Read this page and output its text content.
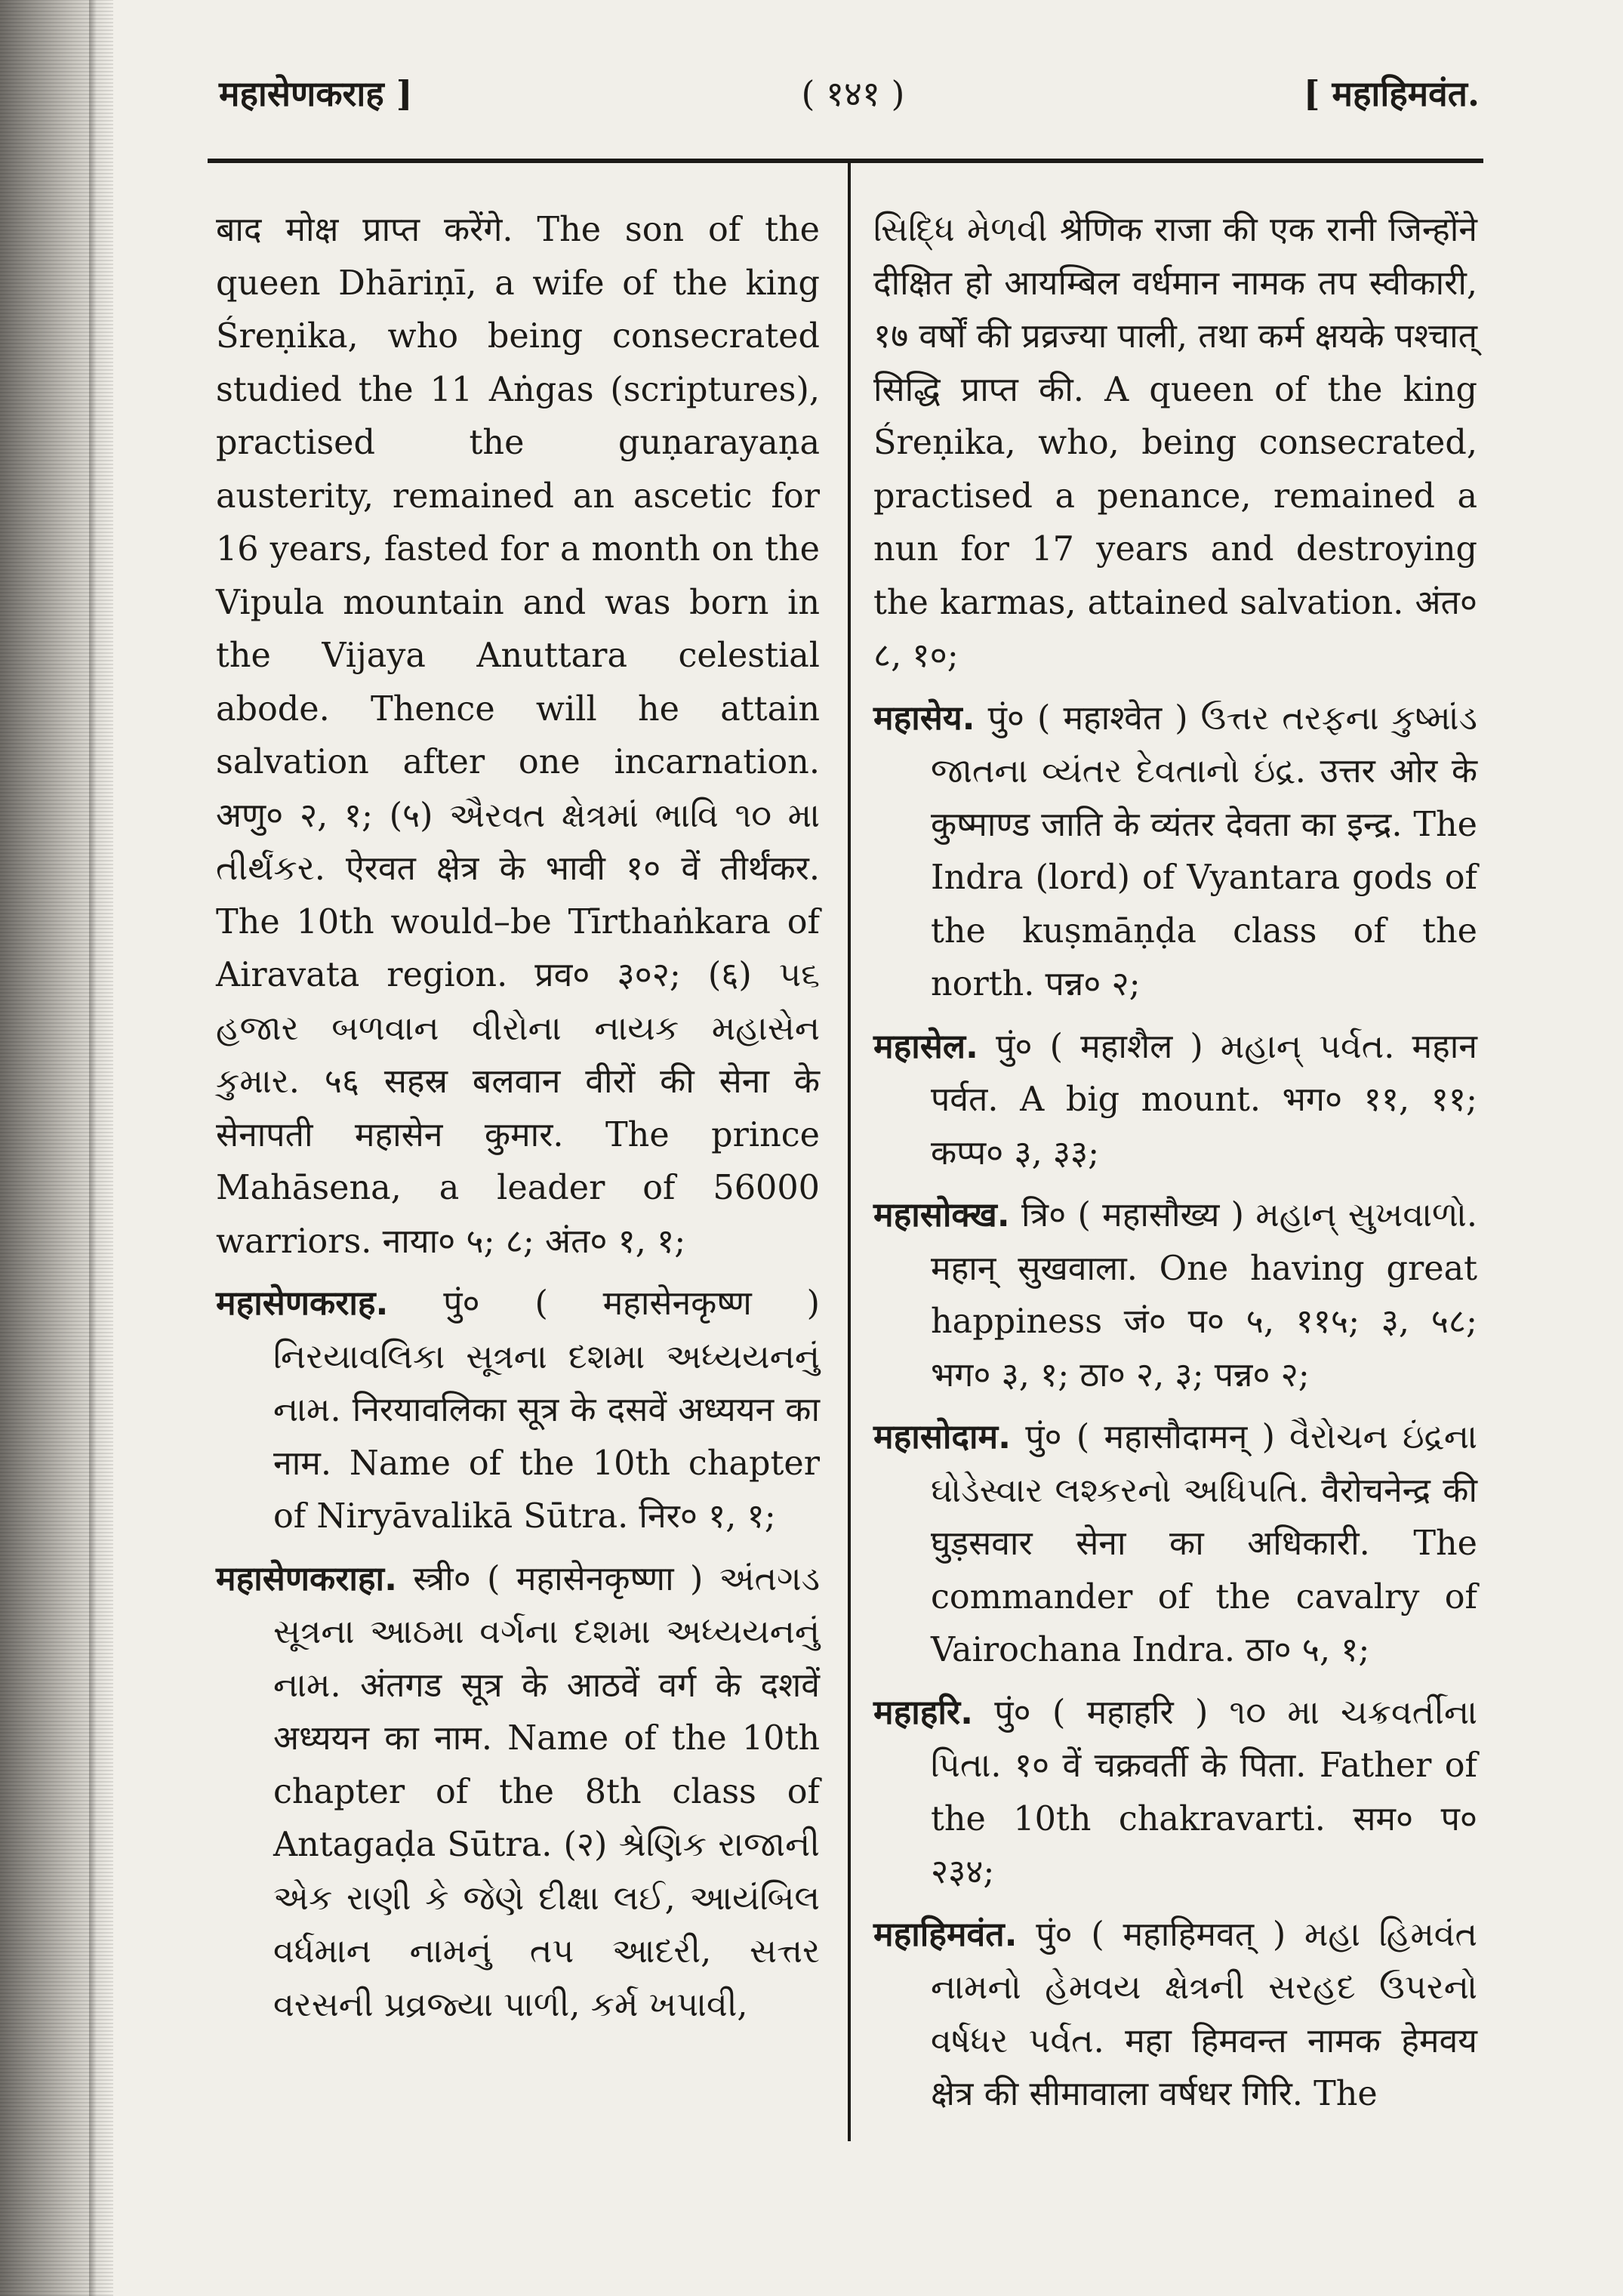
महासेणकराह ]	( १४१ )	[ महाहिमवंत.

बाद मोक्ष प्राप्त करेंगे. The son of the queen Dhāriṇī, a wife of the king Śreṇika, who being consecrated studied the 11 Aṅgas (scriptures), practised the guṇarayaṇa austerity, remained an ascetic for 16 years, fasted for a month on the Vipula mountain and was born in the Vijaya Anuttara celestial abode. Thence will he attain salvation after one incarnation. अणु० २, १; (५) ઐરવત ક્ષેત્રમાં ભાવિ ૧૦ મા તીર્થંકર. ऐरवत क्षेत्र के भावी १० वें तीर्थंकर. The 10th would–be Tīrthaṅkara of Airavata region. प्रव० ३०२; (६) ૫૬ હજાર બળવાન વીરોના નાયક મહાસેન કુમાર. ५६ सहस्र बलवान वीरों की सेना के सेनापती महासेन कुमार. The prince Mahāsena, a leader of 56000 warriors. नाया० ५; ८; अंत० १, १;

महासेणकराह. पुं० ( महासेनकृष्ण ) નિરયાવલિકા સૂત્રના દશમા અધ્યયનનું નામ. निरयावलिका सूत्र के दसवें अध्ययन का नाम. Name of the 10th chapter of Niryāvalikā Sūtra. निर० १, १;

महासेणकराहा. स्त्री० ( महासेनकृष्णा ) અંતગડ સૂત્રના આઠમા વર્ગના દશમા અધ્યયનનું નામ. अंतगड सूत्र के आठवें वर्ग के दशवें अध्ययन का नाम. Name of the 10th chapter of the 8th class of Antagaḍa Sūtra. (२) શ્રેણિક રાજાની એક રાણી કે જેણે દીક્ષા લઈ, આયંબિલ વર્ધમાન નામનું તપ આદરી, સત્તર વરસની પ્રવ્રજ્યા પાળી, કર્મ ખપાવી,

સિદ્ધિ મેળવી श्रेणिक राजा की एक रानी जिन्होंने दीक्षित हो आयम्बिल वर्धमान नामक तप स्वीकारी, १७ वर्षों की प्रव्रज्या पाली, तथा कर्म क्षयके पश्चात् सिद्धि प्राप्त की. A queen of the king Śreṇika, who, being consecrated, practised a penance, remained a nun for 17 years and destroying the karmas, attained salvation. अंत० ८, १०;

महासेय. पुं० ( महाश्वेत ) ઉત્તર તરફના કુષ્માંડ જાતના વ્યંતર દેવતાનો ઇંદ્ર. उत्तर ओर के कुष्माण्ड जाति के व्यंतर देवता का इन्द्र. The Indra (lord) of Vyantara gods of the kuṣmāṇḍa class of the north. पन्न० २;

महासेल. पुं० ( महाशैल ) મહાન્ પર્વત. महान पर्वत. A big mount. भग० ११, ११; कप्प० ३, ३३;

महासोक्ख. त्रि० ( महासौख्य ) મહાન્ સુખવાળો. महान् सुखवाला. One having great happiness जं० प० ५, ११५; ३, ५८; भग० ३, १; ठा० २, ३; पन्न० २;

महासोदाम. पुं० ( महासौदामन् ) વૈરોચન ઇંદ્રના ઘોડેસ્વાર લશ્કરનો અધિપતિ. वैरोचनेन्द्र की घुड़सवार सेना का अधिकारी. The commander of the cavalry of Vairochana Indra. ठा० ५, १;

महाहरि. पुं० ( महाहरि ) ૧૦ મા ચક્રવર્તીના પિતા. १० वें चक्रवर्ती के पिता. Father of the 10th chakravarti. सम० प० २३४;

महाहिमवंत. पुं० ( महाहिमवत् ) મહા હિમવંત નામનો હેમવય ક્ષેત્રની સરહદ ઉપરનો વર્ષધર પર્વત. महा हिमवन्त नामक हेमवय क्षेत्र की सीमावाला वर्षधर गिरि. The
